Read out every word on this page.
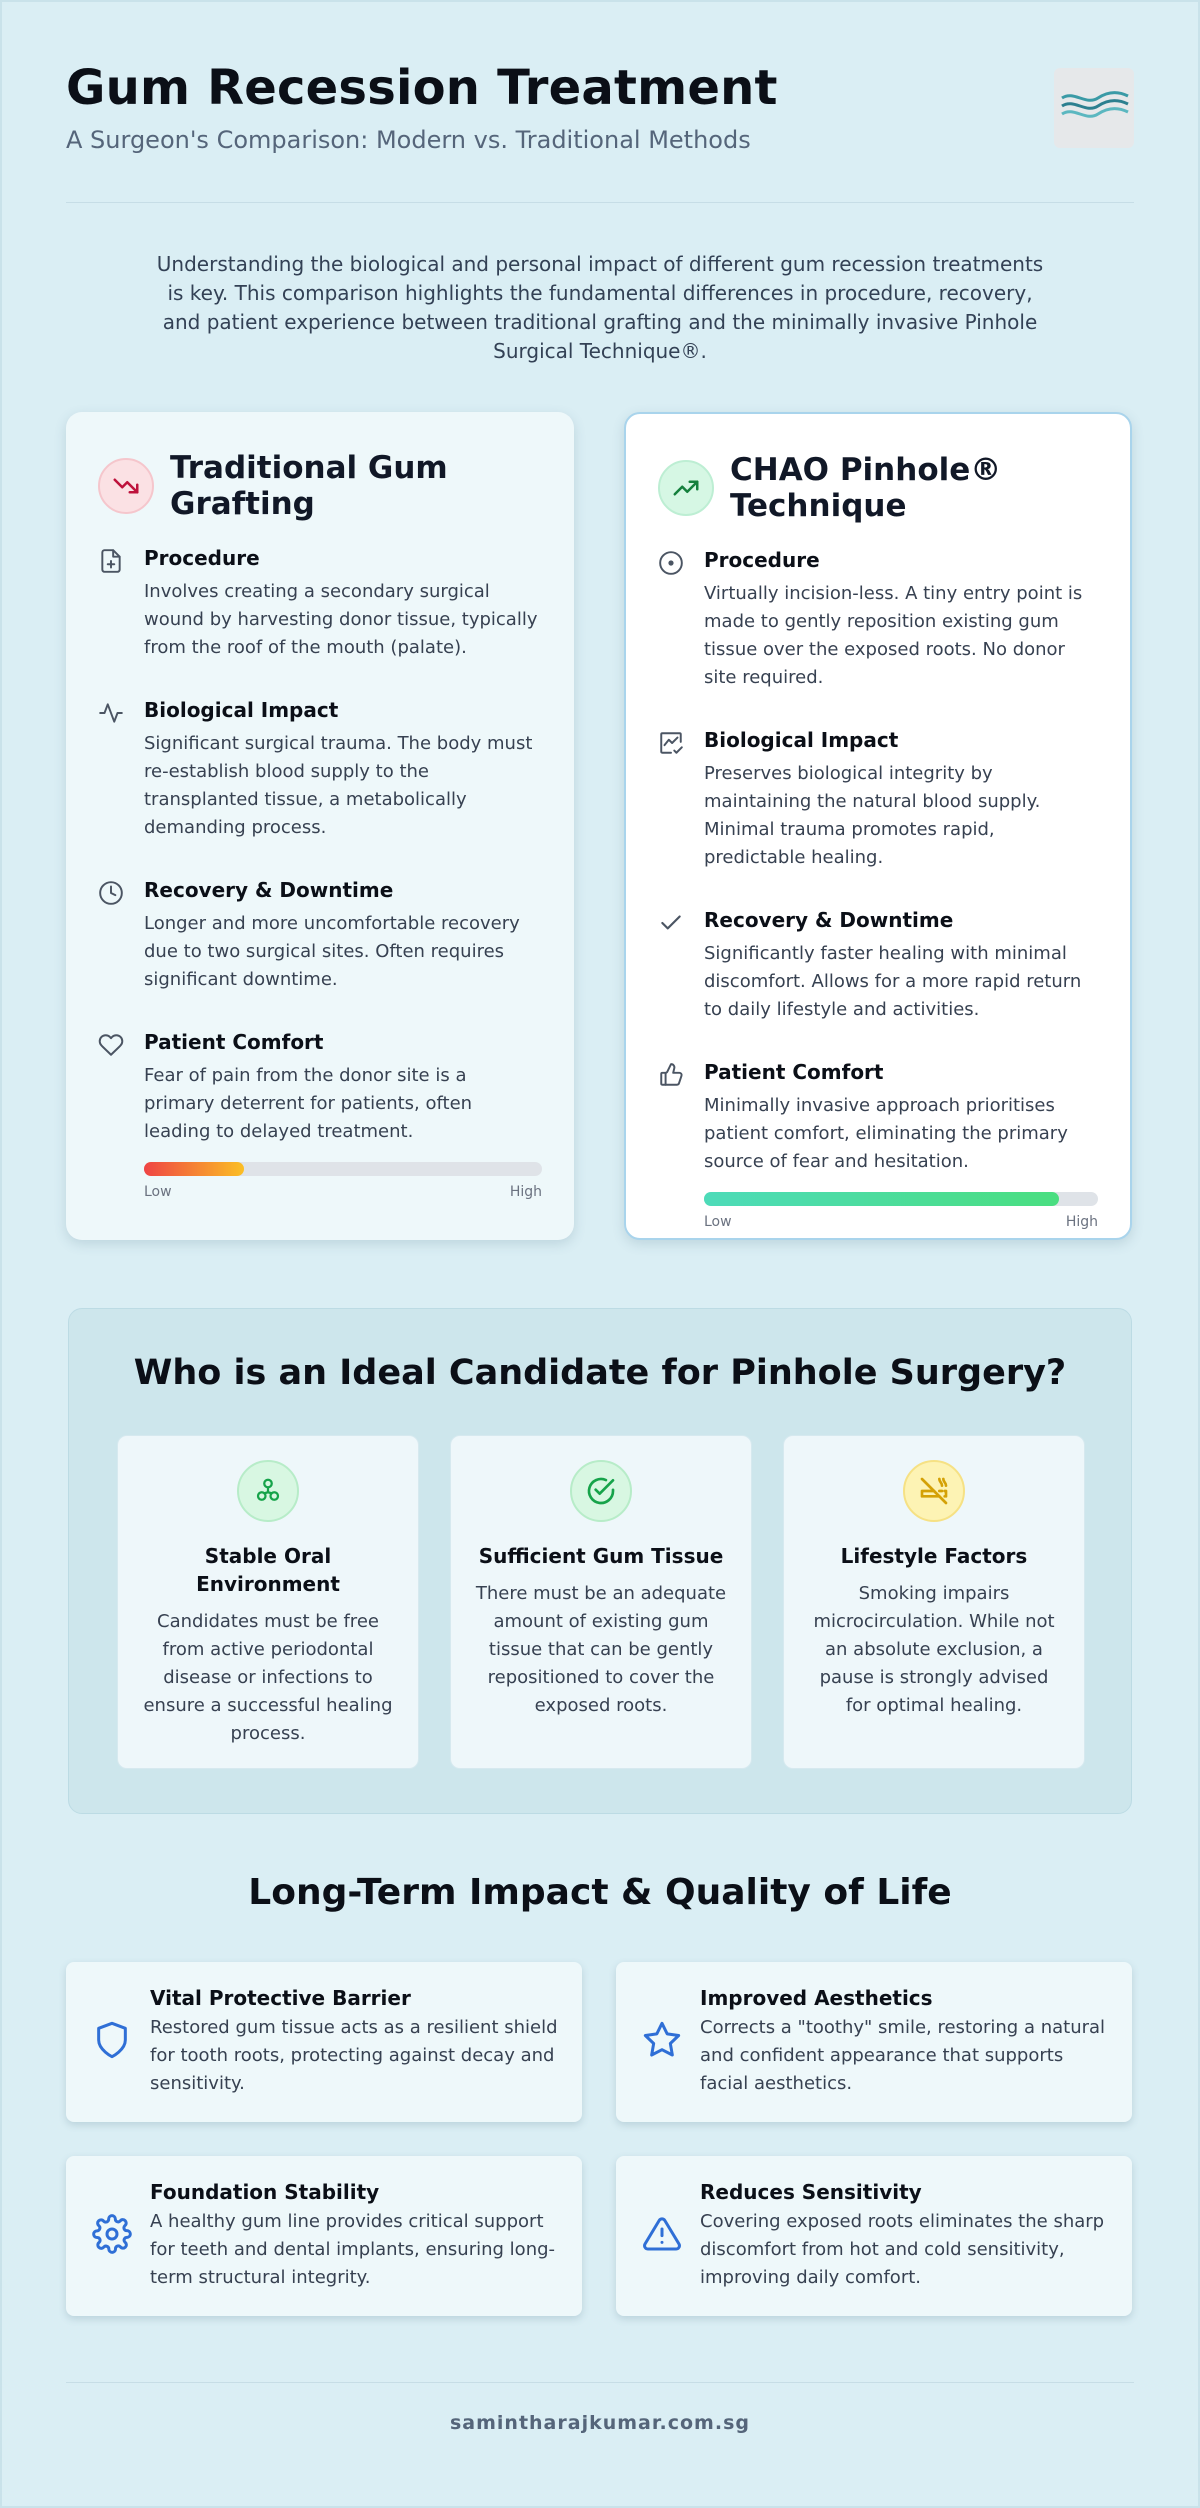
Gum Recession Treatment
A Surgeon's Comparison: Modern vs. Traditional Methods

Understanding the biological and personal impact of different gum recession treatments is key. This comparison highlights the fundamental differences in procedure, recovery, and patient experience between traditional grafting and the minimally invasive Pinhole Surgical Technique®.

Traditional Gum Grafting
Procedure
Involves creating a secondary surgical wound by harvesting donor tissue, typically from the roof of the mouth (palate).
Biological Impact
Significant surgical trauma. The body must re-establish blood supply to the transplanted tissue, a metabolically demanding process.
Recovery & Downtime
Longer and more uncomfortable recovery due to two surgical sites. Often requires significant downtime.
Patient Comfort
Fear of pain from the donor site is a primary deterrent for patients, often leading to delayed treatment.
Low	High
CHAO Pinhole® Technique
Procedure
Virtually incision-less. A tiny entry point is made to gently reposition existing gum tissue over the exposed roots. No donor site required.
Biological Impact
Preserves biological integrity by maintaining the natural blood supply. Minimal trauma promotes rapid, predictable healing.
Recovery & Downtime
Significantly faster healing with minimal discomfort. Allows for a more rapid return to daily lifestyle and activities.
Patient Comfort
Minimally invasive approach prioritises patient comfort, eliminating the primary source of fear and hesitation.
Low	High
Who is an Ideal Candidate for Pinhole Surgery?
Stable Oral Environment
Candidates must be free from active periodontal disease or infections to ensure a successful healing process.
Sufficient Gum Tissue
There must be an adequate amount of existing gum tissue that can be gently repositioned to cover the exposed roots.
Lifestyle Factors
Smoking impairs microcirculation. While not an absolute exclusion, a pause is strongly advised for optimal healing.
Long-Term Impact & Quality of Life
Vital Protective Barrier
Restored gum tissue acts as a resilient shield for tooth roots, protecting against decay and sensitivity.
Improved Aesthetics
Corrects a "toothy" smile, restoring a natural and confident appearance that supports facial aesthetics.
Foundation Stability
A healthy gum line provides critical support for teeth and dental implants, ensuring long-term structural integrity.
Reduces Sensitivity
Covering exposed roots eliminates the sharp discomfort from hot and cold sensitivity, improving daily comfort.
samintharajkumar.com.sg
